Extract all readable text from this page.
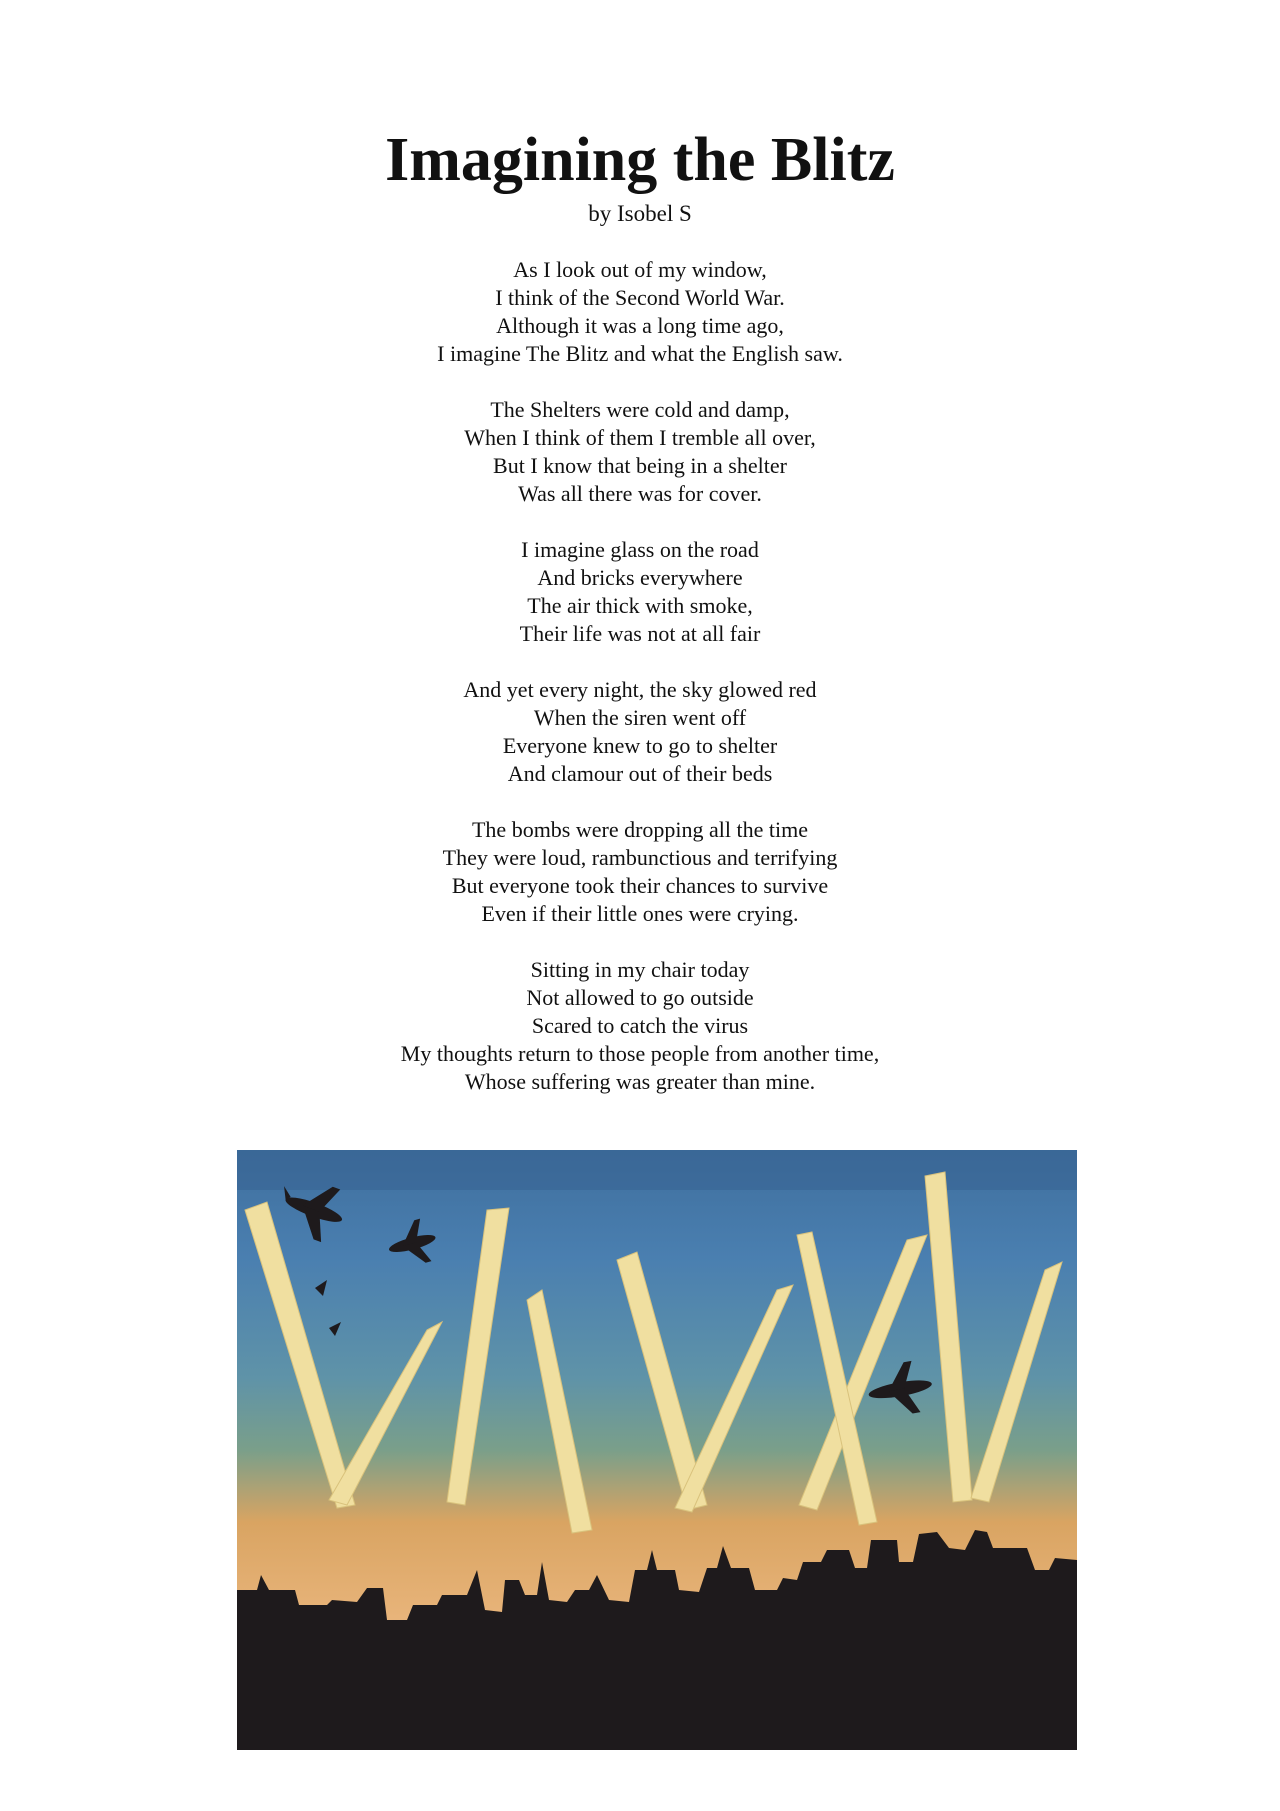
Imagining the Blitz

by Isobel S

As I look out of my window,
I think of the Second World War.
Although it was a long time ago,
I imagine The Blitz and what the English saw.

The Shelters were cold and damp,
When I think of them I tremble all over,
But I know that being in a shelter
Was all there was for cover.

I imagine glass on the road
And bricks everywhere
The air thick with smoke,
Their life was not at all fair

And yet every night, the sky glowed red
When the siren went off
Everyone knew to go to shelter
And clamour out of their beds

The bombs were dropping all the time
They were loud, rambunctious and terrifying
But everyone took their chances to survive
Even if their little ones were crying.

Sitting in my chair today
Not allowed to go outside
Scared to catch the virus
My thoughts return to those people from another time,
Whose suffering was greater than mine.
